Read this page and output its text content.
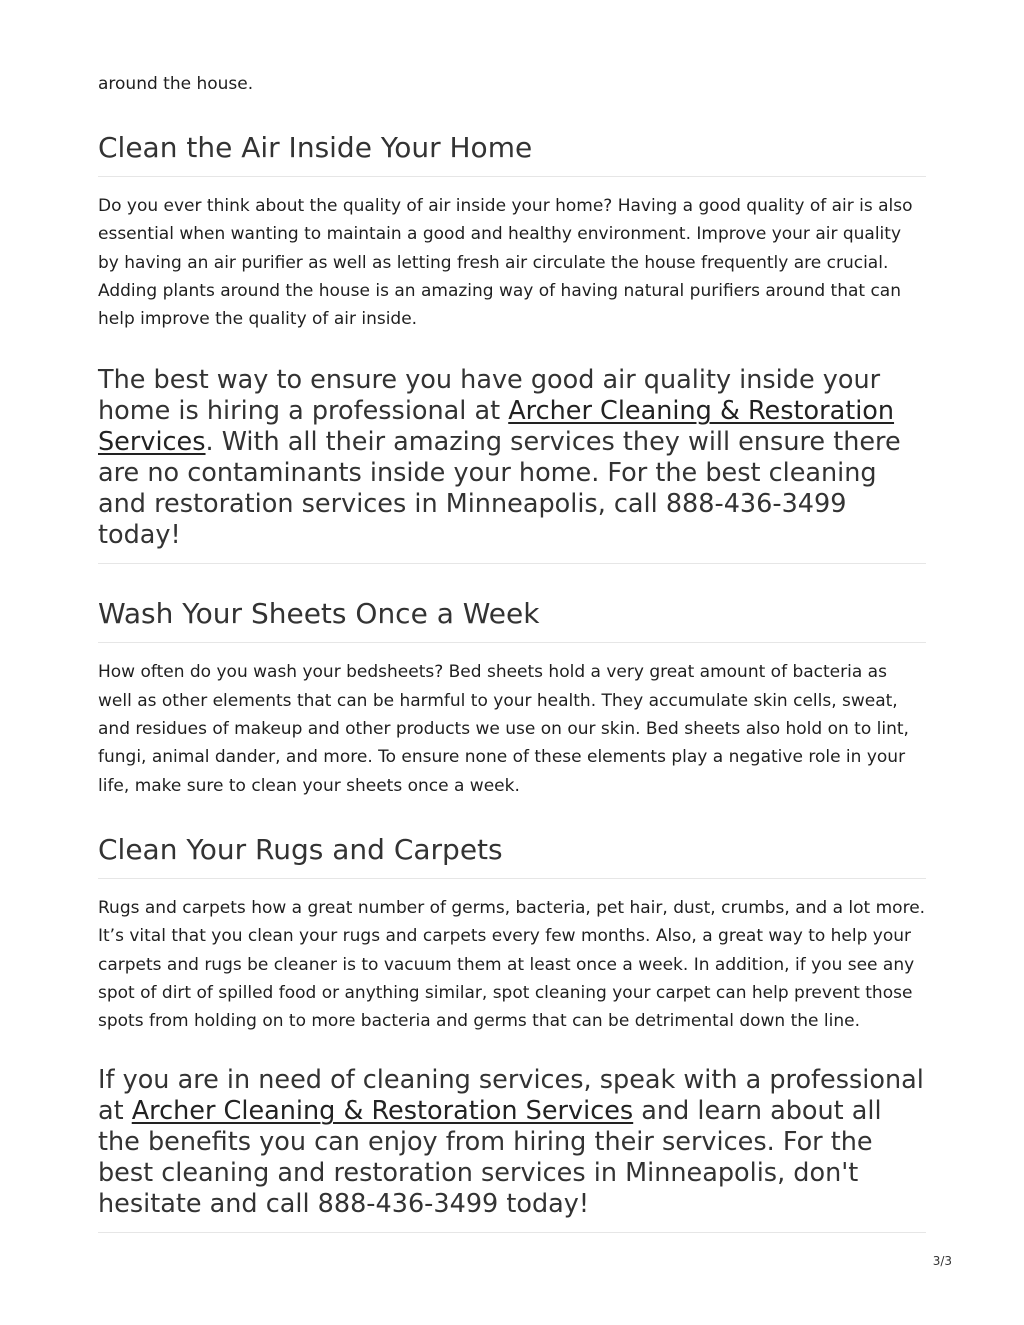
around the house.

Clean the Air Inside Your Home

Do you ever think about the quality of air inside your home? Having a good quality of air is also essential when wanting to maintain a good and healthy environment. Improve your air quality by having an air purifier as well as letting fresh air circulate the house frequently are crucial. Adding plants around the house is an amazing way of having natural purifiers around that can help improve the quality of air inside.

The best way to ensure you have good air quality inside your home is hiring a professional at Archer Cleaning & Restoration Services. With all their amazing services they will ensure there are no contaminants inside your home. For the best cleaning and restoration services in Minneapolis, call 888-436-3499 today!

Wash Your Sheets Once a Week

How often do you wash your bedsheets? Bed sheets hold a very great amount of bacteria as well as other elements that can be harmful to your health. They accumulate skin cells, sweat, and residues of makeup and other products we use on our skin. Bed sheets also hold on to lint, fungi, animal dander, and more. To ensure none of these elements play a negative role in your life, make sure to clean your sheets once a week.

Clean Your Rugs and Carpets

Rugs and carpets how a great number of germs, bacteria, pet hair, dust, crumbs, and a lot more. It’s vital that you clean your rugs and carpets every few months. Also, a great way to help your carpets and rugs be cleaner is to vacuum them at least once a week. In addition, if you see any spot of dirt of spilled food or anything similar, spot cleaning your carpet can help prevent those spots from holding on to more bacteria and germs that can be detrimental down the line.

If you are in need of cleaning services, speak with a professional at Archer Cleaning & Restoration Services and learn about all the benefits you can enjoy from hiring their services. For the best cleaning and restoration services in Minneapolis, don't hesitate and call 888-436-3499 today!

3/3
